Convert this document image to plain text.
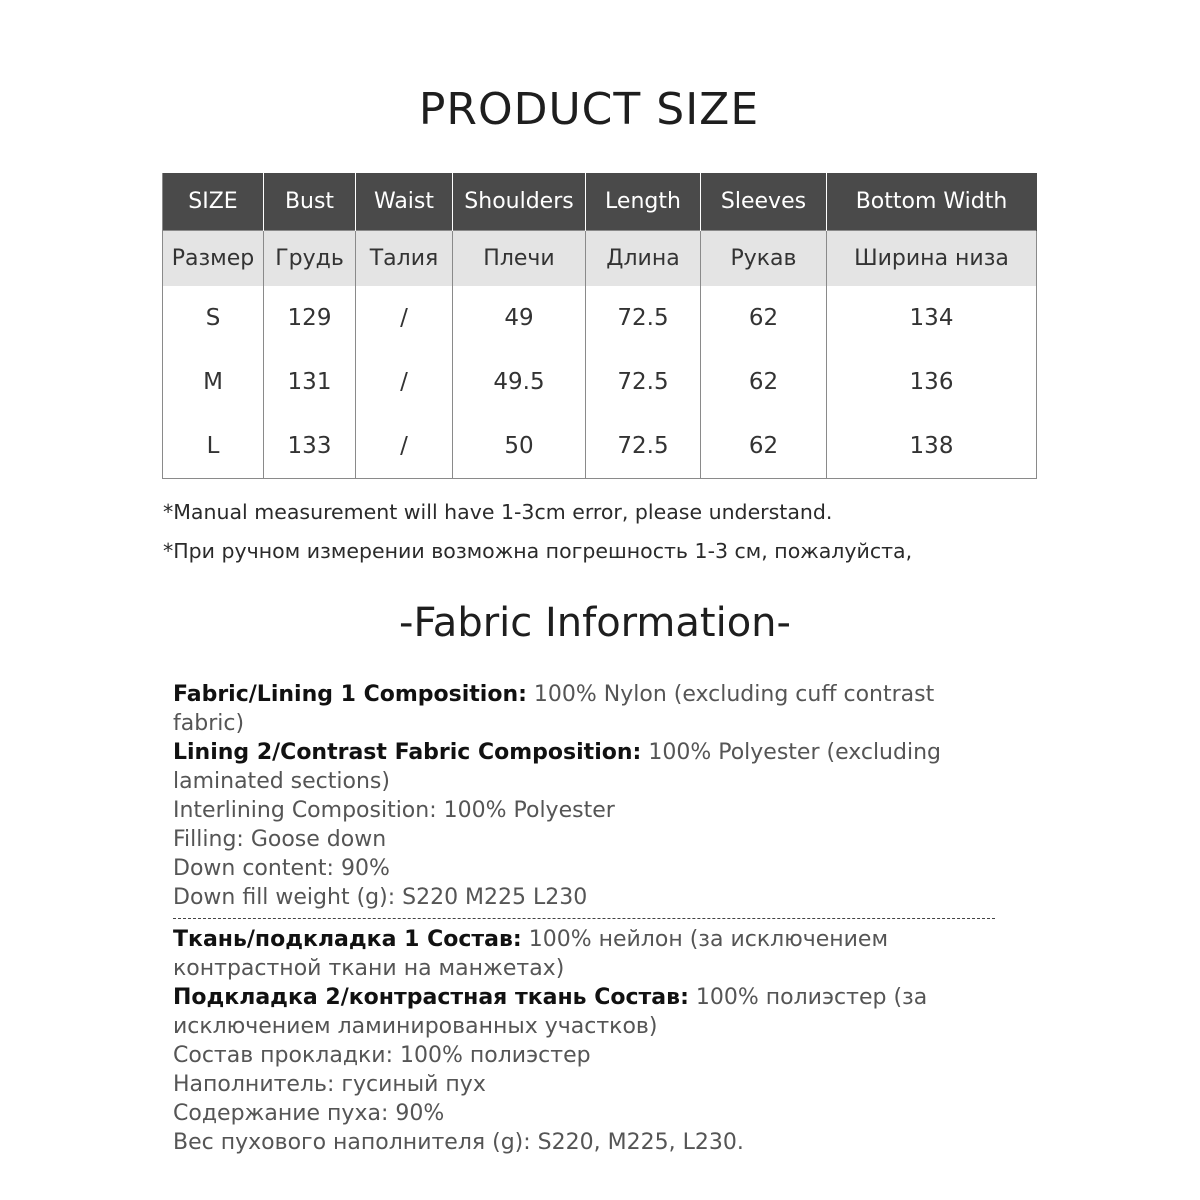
PRODUCT SIZE
SIZE	Bust	Waist	Shoulders	Length	Sleeves	Bottom Width
Размер	Грудь	Талия	Плечи	Длина	Рукав	Ширина низа
S	129	/	49	72.5	62	134
M	131	/	49.5	72.5	62	136
L	133	/	50	72.5	62	138
*Manual measurement will have 1-3cm error, please understand.
*При ручном измерении возможна погрешность 1-3 см, пожалуйста,
-Fabric Information-
Fabric/Lining 1 Composition: 100% Nylon (excluding cuff contrast fabric)
Lining 2/Contrast Fabric Composition: 100% Polyester (excluding laminated sections)
Interlining Composition: 100% Polyester
Filling: Goose down
Down content: 90%
Down fill weight (g): S220 M225 L230
Ткань/подкладка 1 Состав: 100% нейлон (за исключением контрастной ткани на манжетах)
Подкладка 2/контрастная ткань Состав: 100% полиэстер (за исключением ламинированных участков)
Состав прокладки: 100% полиэстер
Наполнитель: гусиный пух
Содержание пуха: 90%
Вес пухового наполнителя (g): S220, M225, L230.
